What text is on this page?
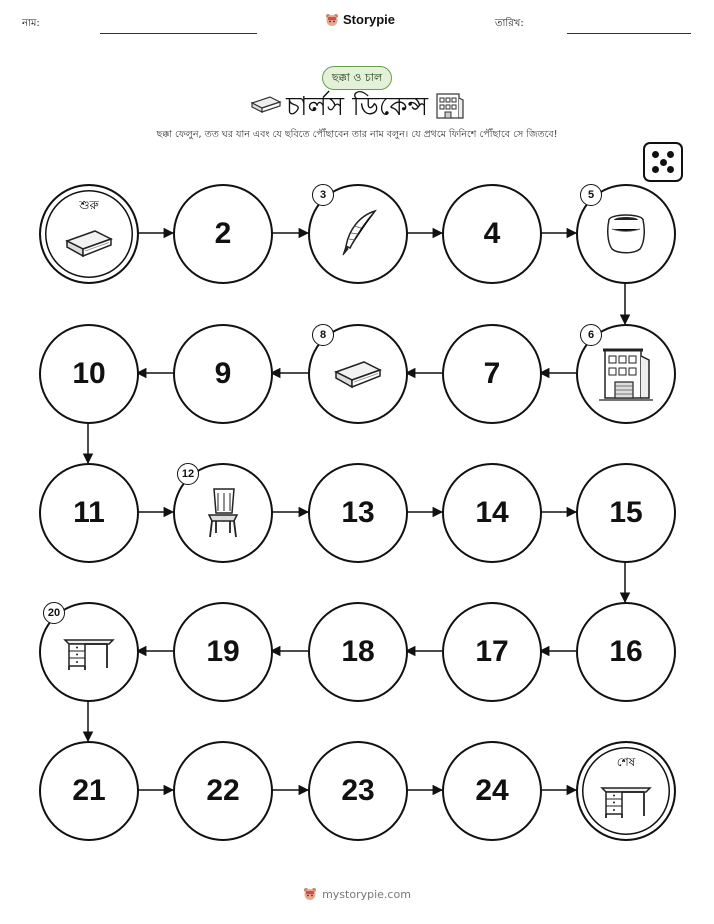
নাম:	Storypie	তারিখ:
ছক্কা ও চাল
চার্লস ডিকেন্স
ছক্কা ফেলুন, তত ঘর যান এবং যে ছবিতে পৌঁছাবেন তার নাম বলুন। যে প্রথমে ফিনিশে পৌঁছাবে সে জিতবে!
শুরু
2
3
4
5
6
7
8
9
10
11
12
13	14	15
16
17
18
19
20
21	22	23	24
শেষ
mystorypie.com
